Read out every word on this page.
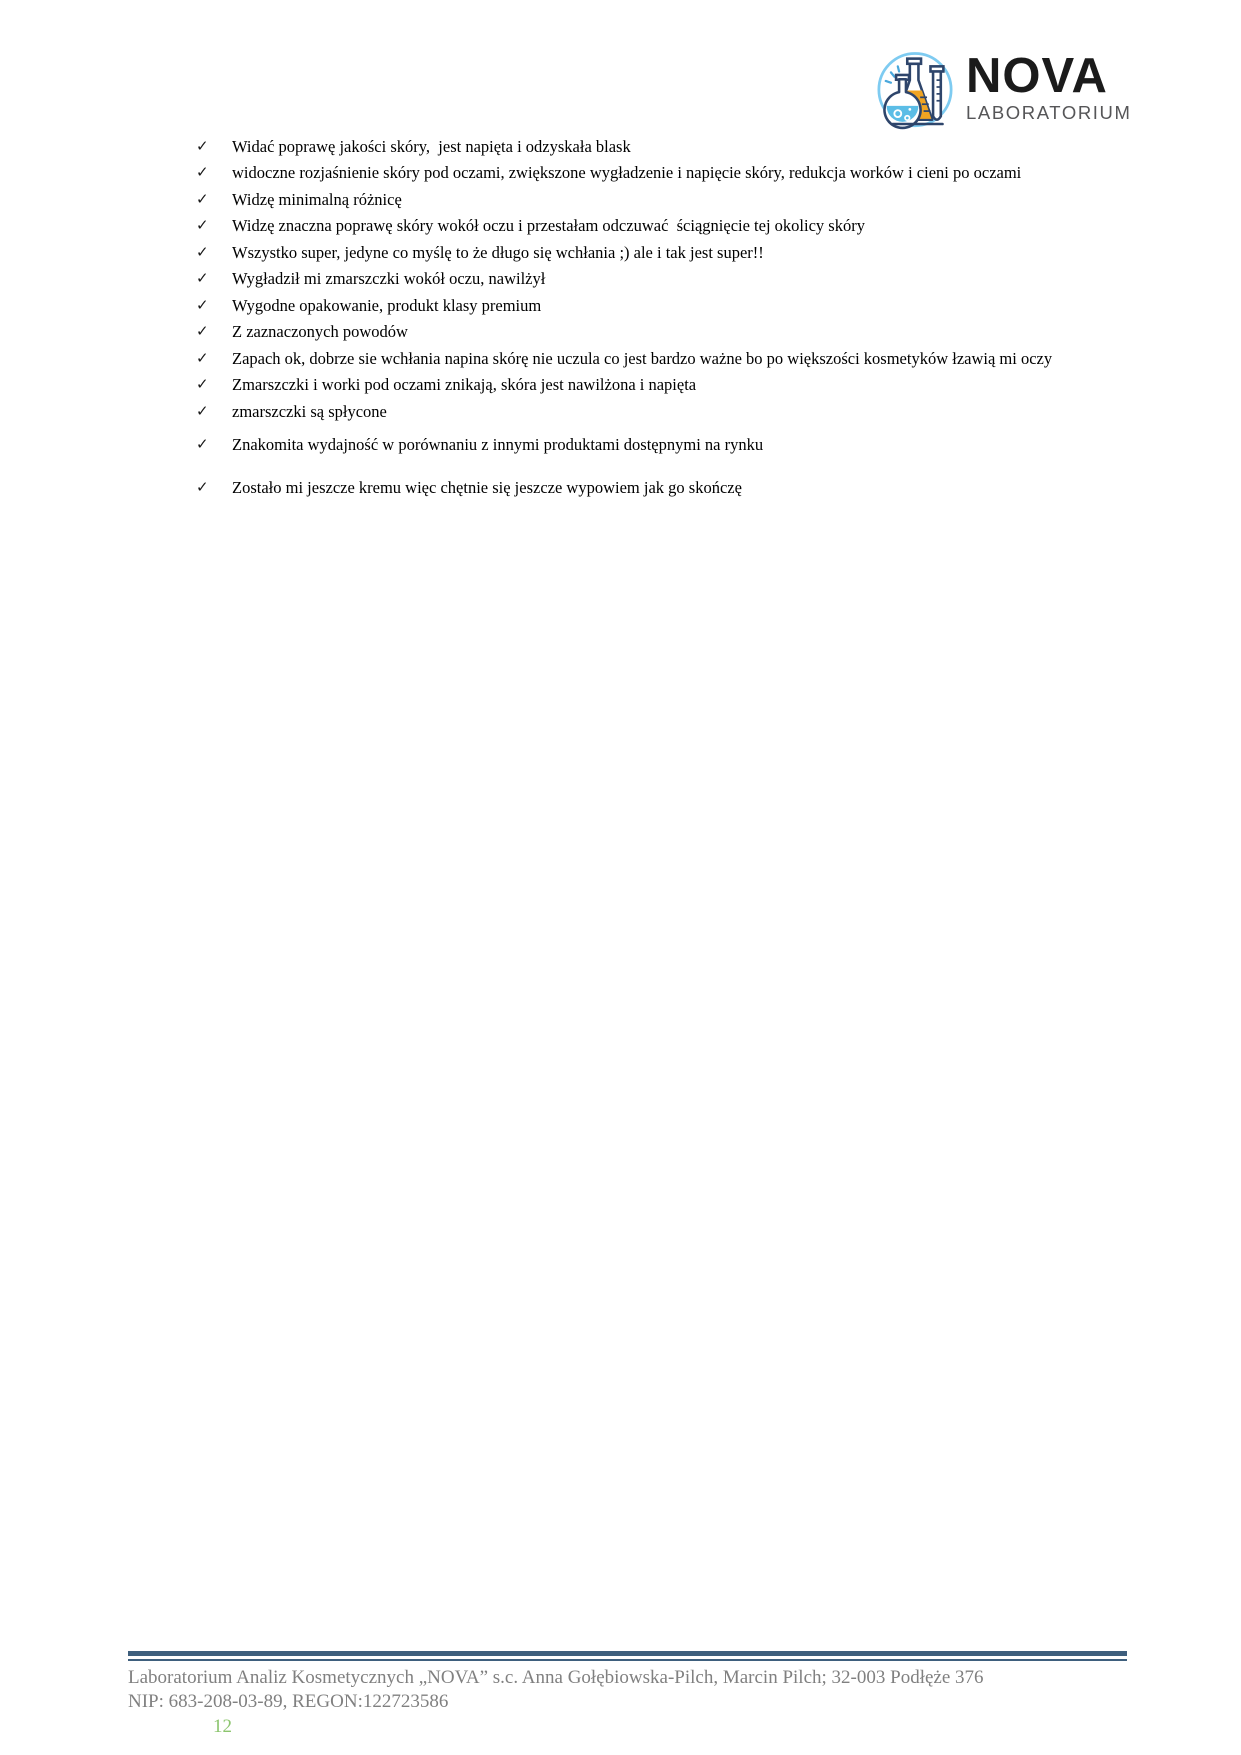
NOVA
LABORATORIUM
✓	Widać poprawę jakości skóry,  jest napięta i odzyskała blask
✓	widoczne rozjaśnienie skóry pod oczami, zwiększone wygładzenie i napięcie skóry, redukcja worków i cieni po oczami
✓	Widzę minimalną różnicę
✓	Widzę znaczna poprawę skóry wokół oczu i przestałam odczuwać  ściągnięcie tej okolicy skóry
✓	Wszystko super, jedyne co myślę to że długo się wchłania ;) ale i tak jest super!!
✓	Wygładził mi zmarszczki wokół oczu, nawilżył
✓	Wygodne opakowanie, produkt klasy premium
✓	Z zaznaczonych powodów
✓	Zapach ok, dobrze sie wchłania napina skórę nie uczula co jest bardzo ważne bo po większości kosmetyków łzawią mi oczy
✓	Zmarszczki i worki pod oczami znikają, skóra jest nawilżona i napięta
✓	zmarszczki są spłycone
✓	Znakomita wydajność w porównaniu z innymi produktami dostępnymi na rynku
✓	Zostało mi jeszcze kremu więc chętnie się jeszcze wypowiem jak go skończę
Laboratorium Analiz Kosmetycznych „NOVA” s.c. Anna Gołębiowska-Pilch, Marcin Pilch; 32-003 Podłęże 376
NIP: 683-208-03-89, REGON:122723586
12
